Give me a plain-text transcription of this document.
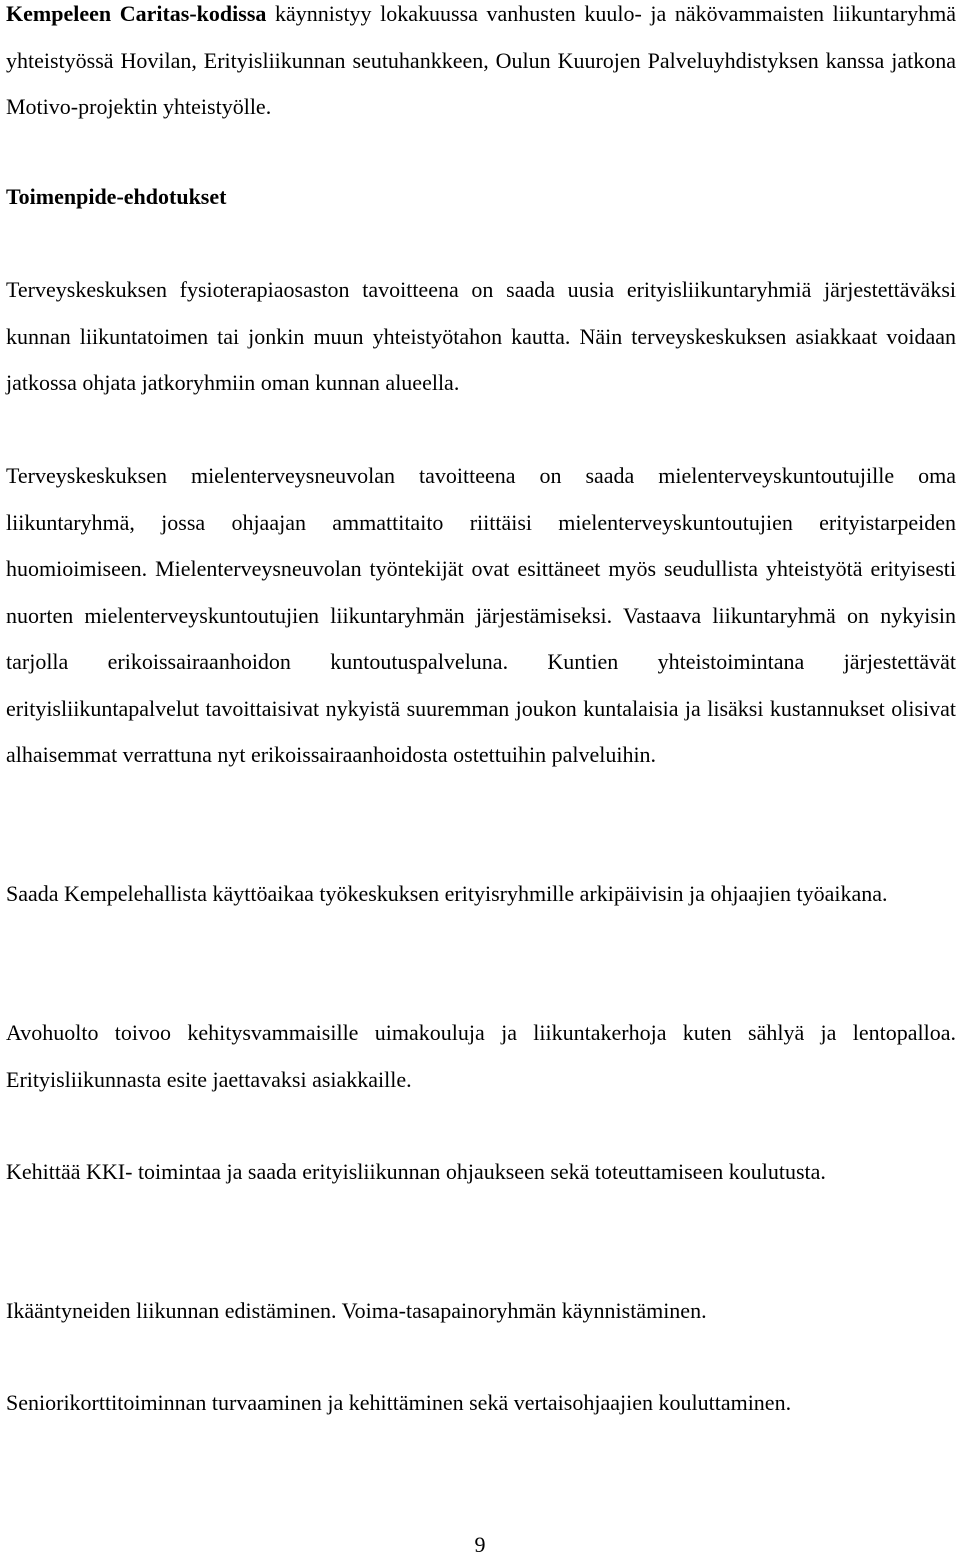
Kempeleen Caritas-kodissa käynnistyy lokakuussa vanhusten kuulo- ja näkövammaisten liikuntaryhmä yhteistyössä Hovilan, Erityisliikunnan seutuhankkeen, Oulun Kuurojen Palveluyhdistyksen kanssa jatkona Motivo-projektin yhteistyölle.

Toimenpide-ehdotukset

Terveyskeskuksen fysioterapiaosaston tavoitteena on saada uusia erityisliikuntaryhmiä järjestettäväksi kunnan liikuntatoimen tai jonkin muun yhteistyötahon kautta. Näin terveyskeskuksen asiakkaat voidaan jatkossa ohjata jatkoryhmiin oman kunnan alueella.

Terveyskeskuksen mielenterveysneuvolan tavoitteena on saada mielenterveyskuntoutujille oma liikuntaryhmä, jossa ohjaajan ammattitaito riittäisi mielenterveyskuntoutujien erityistarpeiden huomioimiseen. Mielenterveysneuvolan työntekijät ovat esittäneet myös seudullista yhteistyötä erityisesti nuorten mielenterveyskuntoutujien liikuntaryhmän järjestämiseksi. Vastaava liikuntaryhmä on nykyisin tarjolla erikoissairaanhoidon kuntoutuspalveluna. Kuntien yhteistoimintana järjestettävät erityisliikuntapalvelut tavoittaisivat nykyistä suuremman joukon kuntalaisia ja lisäksi kustannukset olisivat alhaisemmat verrattuna nyt erikoissairaanhoidosta ostettuihin palveluihin.

Saada Kempelehallista käyttöaikaa työkeskuksen erityisryhmille arkipäivisin ja ohjaajien työaikana.

Avohuolto toivoo kehitysvammaisille uimakouluja ja liikuntakerhoja kuten sählyä ja lentopalloa. Erityisliikunnasta esite jaettavaksi asiakkaille.

Kehittää KKI- toimintaa ja saada erityisliikunnan ohjaukseen sekä toteuttamiseen koulutusta.

Ikääntyneiden liikunnan edistäminen. Voima-tasapainoryhmän käynnistäminen.

Seniorikorttitoiminnan turvaaminen ja kehittäminen sekä vertaisohjaajien kouluttaminen.

9
